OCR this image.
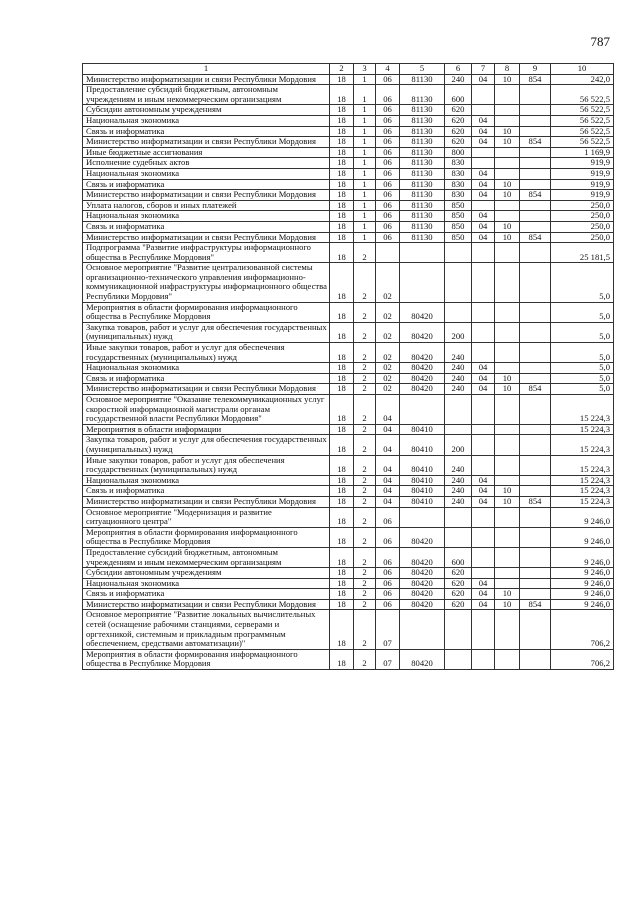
787
1	2	3	4	5	6	7	8	9	10
Министерство информатизации и связи Республики Мордовия	18	1	06	81130	240	04	10	854	242,0
Предоставление субсидий бюджетным, автономным учреждениям и иным некоммерческим организациям	18	1	06	81130	600				56 522,5
Субсидии автономным учреждениям	18	1	06	81130	620				56 522,5
Национальная экономика	18	1	06	81130	620	04			56 522,5
Связь и информатика	18	1	06	81130	620	04	10		56 522,5
Министерство информатизации и связи Республики Мордовия	18	1	06	81130	620	04	10	854	56 522,5
Иные бюджетные ассигнования	18	1	06	81130	800				1 169,9
Исполнение судебных актов	18	1	06	81130	830				919,9
Национальная экономика	18	1	06	81130	830	04			919,9
Связь и информатика	18	1	06	81130	830	04	10		919,9
Министерство информатизации и связи Республики Мордовия	18	1	06	81130	830	04	10	854	919,9
Уплата налогов, сборов и иных платежей	18	1	06	81130	850				250,0
Национальная экономика	18	1	06	81130	850	04			250,0
Связь и информатика	18	1	06	81130	850	04	10		250,0
Министерство информатизации и связи Республики Мордовия	18	1	06	81130	850	04	10	854	250,0
Подпрограмма "Развитие инфраструктуры информационного общества в Республике Мордовия"	18	2							25 181,5
Основное мероприятие "Развитие централизованной системы организационно-технического управления информационно-коммуникационной инфраструктуры информационного общества Республики Мордовия"	18	2	02						5,0
Мероприятия в области формирования информационного общества в Республике Мордовия	18	2	02	80420					5,0
Закупка товаров, работ и услуг для обеспечения государственных (муниципальных) нужд	18	2	02	80420	200				5,0
Иные закупки товаров, работ и услуг для обеспечения государственных (муниципальных) нужд	18	2	02	80420	240				5,0
Национальная экономика	18	2	02	80420	240	04			5,0
Связь и информатика	18	2	02	80420	240	04	10		5,0
Министерство информатизации и связи Республики Мордовия	18	2	02	80420	240	04	10	854	5,0
Основное мероприятие "Оказание телекоммуникационных услуг скоростной информационной магистрали органам государственной власти Республики Мордовия"	18	2	04						15 224,3
Мероприятия в области информации	18	2	04	80410					15 224,3
Закупка товаров, работ и услуг для обеспечения государственных (муниципальных) нужд	18	2	04	80410	200				15 224,3
Иные закупки товаров, работ и услуг для обеспечения государственных (муниципальных) нужд	18	2	04	80410	240				15 224,3
Национальная экономика	18	2	04	80410	240	04			15 224,3
Связь и информатика	18	2	04	80410	240	04	10		15 224,3
Министерство информатизации и связи Республики Мордовия	18	2	04	80410	240	04	10	854	15 224,3
Основное мероприятие "Модернизация и развитие ситуационного центра"	18	2	06						9 246,0
Мероприятия в области формирования информационного общества в Республике Мордовия	18	2	06	80420					9 246,0
Предоставление субсидий бюджетным, автономным учреждениям и иным некоммерческим организациям	18	2	06	80420	600				9 246,0
Субсидии автономным учреждениям	18	2	06	80420	620				9 246,0
Национальная экономика	18	2	06	80420	620	04			9 246,0
Связь и информатика	18	2	06	80420	620	04	10		9 246,0
Министерство информатизации и связи Республики Мордовия	18	2	06	80420	620	04	10	854	9 246,0
Основное мероприятие "Развитие локальных вычислительных сетей (оснащение рабочими станциями, серверами и оргтехникой, системным и прикладным программным обеспечением, средствами автоматизации)"	18	2	07						706,2
Мероприятия в области формирования информационного общества в Республике Мордовия	18	2	07	80420					706,2
